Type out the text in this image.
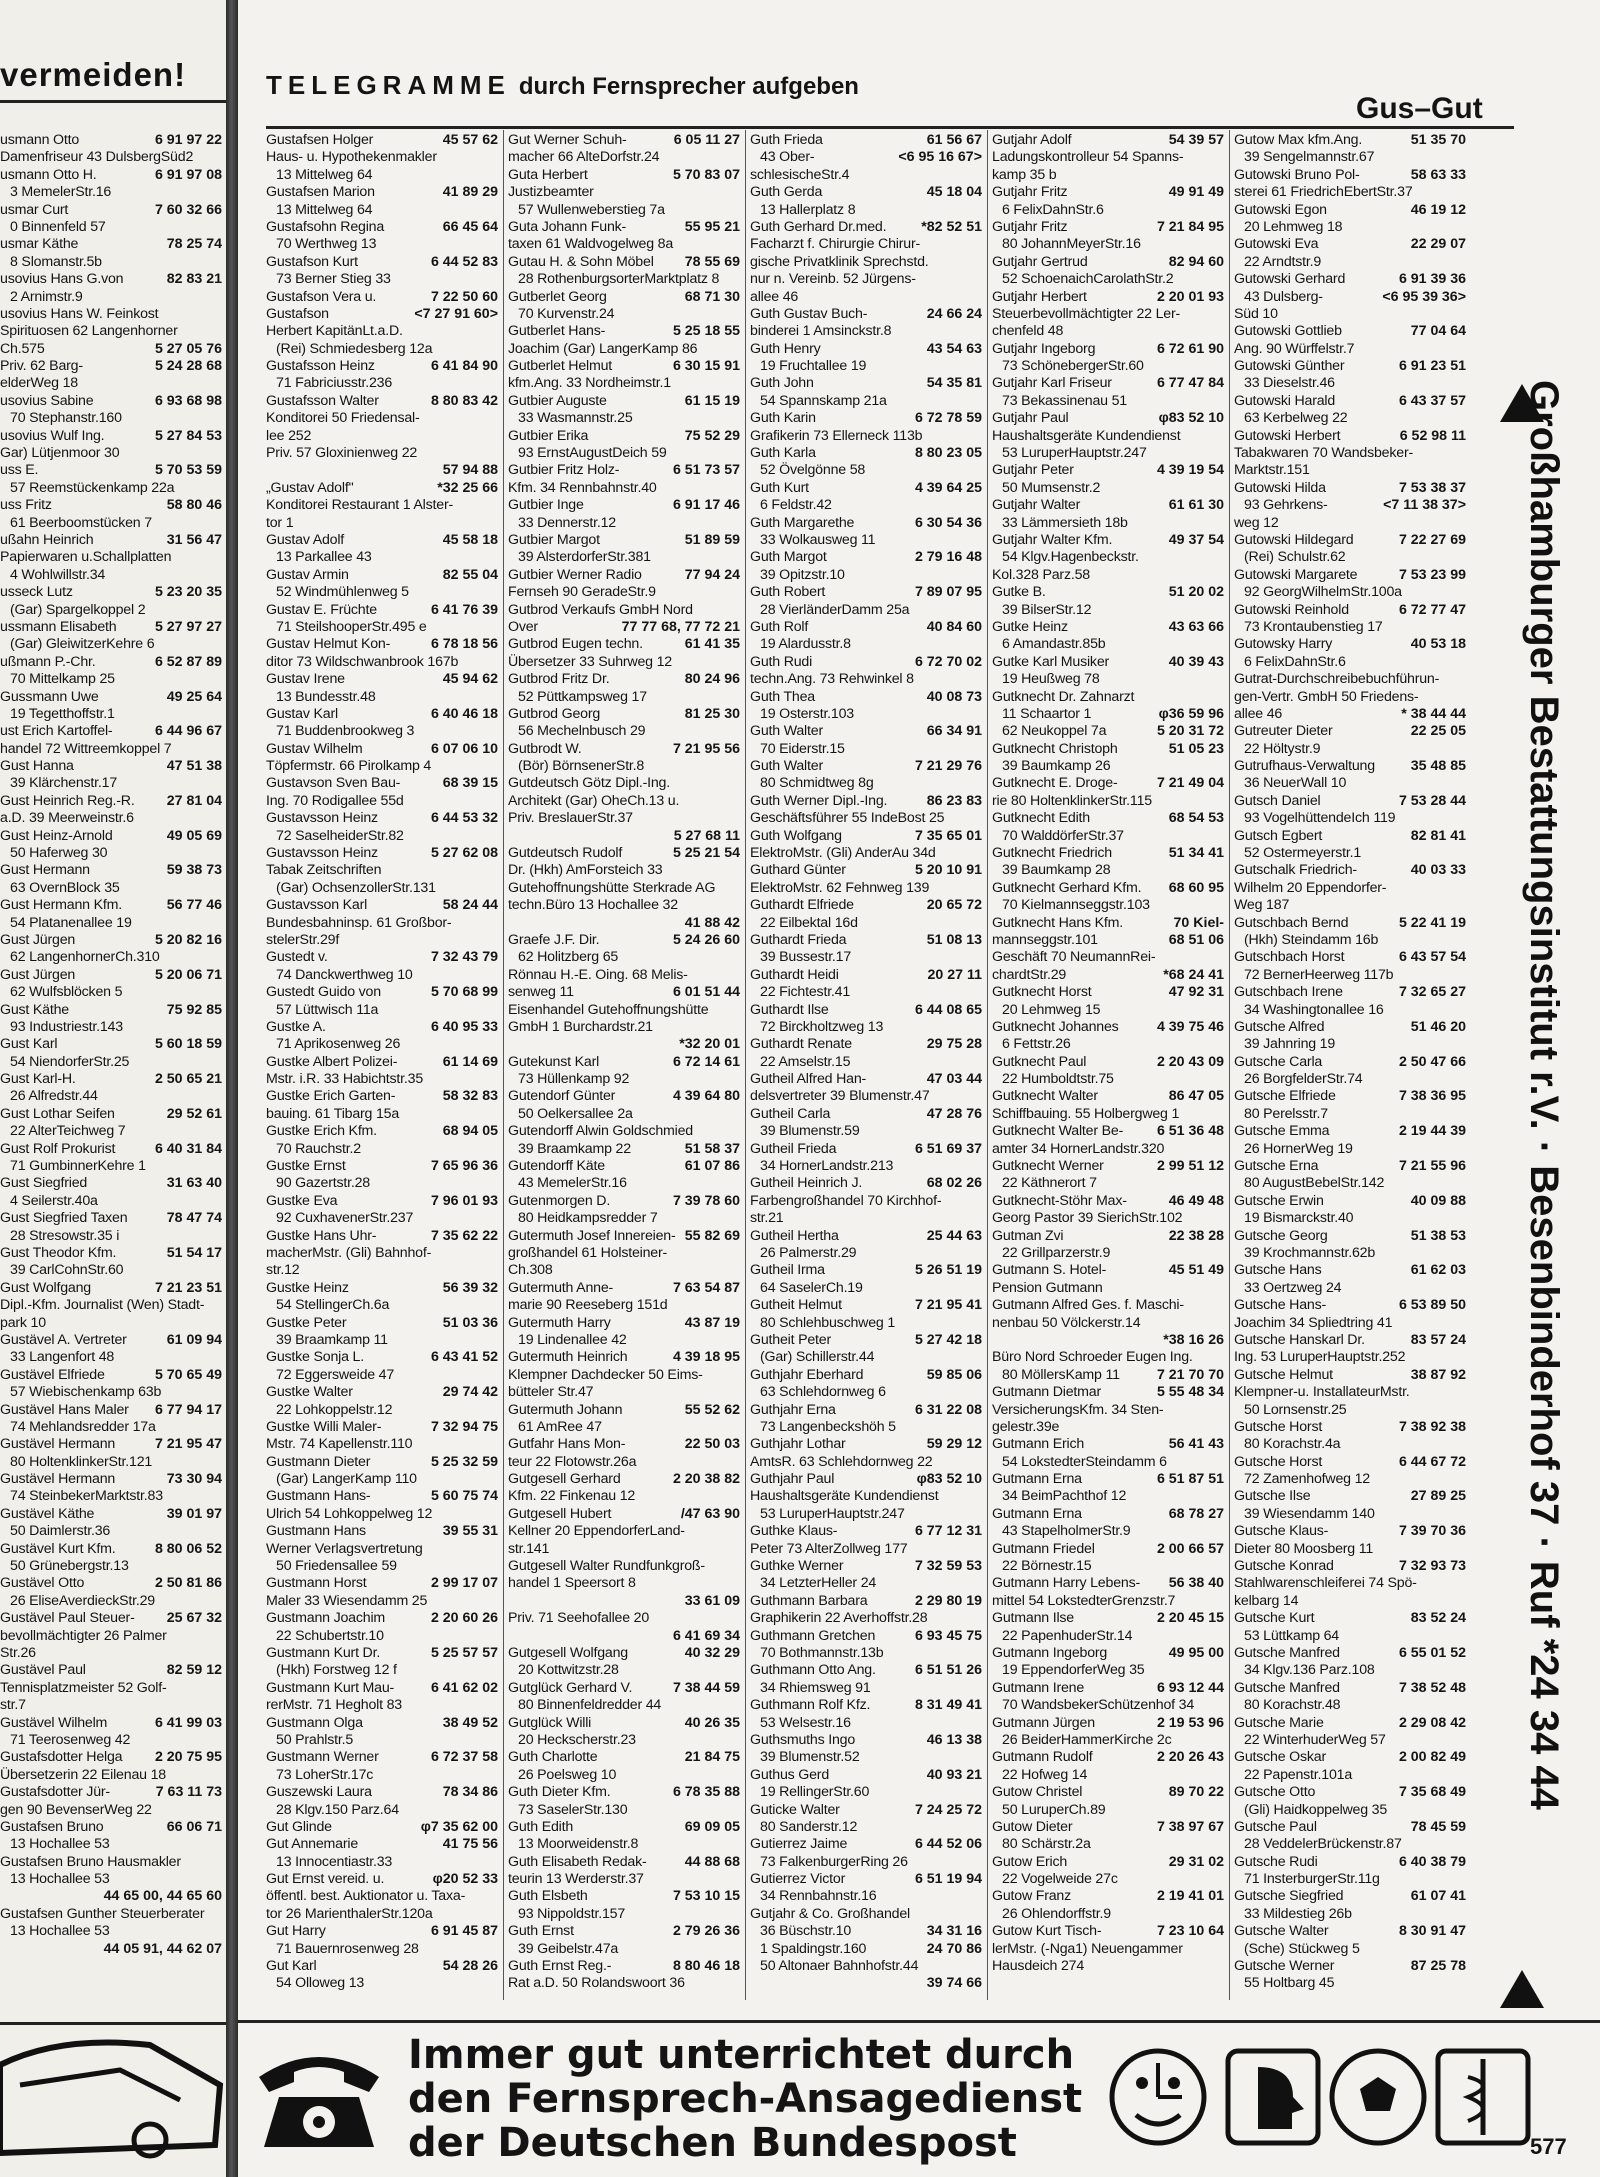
vermeiden!
usmann Otto	6 91 97 22
Damenfriseur 43 DulsbergSüd2
usmann Otto H.	6 91 97 08
3 MemelerStr.16
usmar Curt	7 60 32 66
0 Binnenfeld 57
usmar Käthe	78 25 74
8 Slomanstr.5b
usovius Hans G.von	82 83 21
2 Arnimstr.9
usovius Hans W. Feinkost
Spirituosen 62 Langenhorner
Ch.575	5 27 05 76
Priv. 62 Barg-	5 24 28 68
elderWeg 18
usovius Sabine	6 93 68 98
70 Stephanstr.160
usovius Wulf Ing.	5 27 84 53
Gar) Lütjenmoor 30
uss E.	5 70 53 59
57 Reemstückenkamp 22a
uss Fritz	58 80 46
61 Beerboomstücken 7
ußahn Heinrich	31 56 47
Papierwaren u.Schallplatten
4 Wohlwillstr.34
usseck Lutz	5 23 20 35
(Gar) Spargelkoppel 2
ussmann Elisabeth	5 27 97 27
(Gar) GleiwitzerKehre 6
ußmann P.-Chr.	6 52 87 89
70 Mittelkamp 25
Gussmann Uwe	49 25 64
19 Tegetthoffstr.1
ust Erich Kartoffel-	6 44 96 67
handel 72 Wittreemkoppel 7
Gust Hanna	47 51 38
39 Klärchenstr.17
Gust Heinrich Reg.-R.	27 81 04
a.D. 39 Meerweinstr.6
Gust Heinz-Arnold	49 05 69
50 Haferweg 30
Gust Hermann	59 38 73
63 OvernBlock 35
Gust Hermann Kfm.	56 77 46
54 Platanenallee 19
Gust Jürgen	5 20 82 16
62 LangenhornerCh.310
Gust Jürgen	5 20 06 71
62 Wulfsblöcken 5
Gust Käthe	75 92 85
93 Industriestr.143
Gust Karl	5 60 18 59
54 NiendorferStr.25
Gust Karl-H.	2 50 65 21
26 Alfredstr.44
Gust Lothar Seifen	29 52 61
22 AlterTeichweg 7
Gust Rolf Prokurist	6 40 31 84
71 GumbinnerKehre 1
Gust Siegfried	31 63 40
4 Seilerstr.40a
Gust Siegfried Taxen	78 47 74
28 Stresowstr.35 i
Gust Theodor Kfm.	51 54 17
39 CarlCohnStr.60
Gust Wolfgang	7 21 23 51
Dipl.-Kfm. Journalist (Wen) Stadt-
park 10
Gustävel A. Vertreter	61 09 94
33 Langenfort 48
Gustävel Elfriede	5 70 65 49
57 Wiebischenkamp 63b
Gustävel Hans Maler	6 77 94 17
74 Mehlandsredder 17a
Gustävel Hermann	7 21 95 47
80 HoltenklinkerStr.121
Gustävel Hermann	73 30 94
74 SteinbekerMarktstr.83
Gustävel Käthe	39 01 97
50 Daimlerstr.36
Gustävel Kurt Kfm.	8 80 06 52
50 Grünebergstr.13
Gustävel Otto	2 50 81 86
26 EliseAverdieckStr.29
Gustävel Paul Steuer-	25 67 32
bevollmächtigter 26 Palmer
Str.26
Gustävel Paul	82 59 12
Tennisplatzmeister 52 Golf-
str.7
Gustävel Wilhelm	6 41 99 03
71 Teerosenweg 42
Gustafsdotter Helga	2 20 75 95
Übersetzerin 22 Eilenau 18
Gustafsdotter Jür-	7 63 11 73
gen 90 BevenserWeg 22
Gustafsen Bruno	66 06 71
13 Hochallee 53
Gustafsen Bruno Hausmakler
13 Hochallee 53
44 65 00, 44 65 60
Gustafsen Gunther Steuerberater
13 Hochallee 53
44 05 91, 44 62 07
TELEGRAMME durch Fernsprecher aufgeben
Gus–Gut
Gustafsen Holger	45 57 62
Haus- u. Hypothekenmakler
13 Mittelweg 64
Gustafsen Marion	41 89 29
13 Mittelweg 64
Gustafsohn Regina	66 45 64
70 Werthweg 13
Gustafson Kurt	6 44 52 83
73 Berner Stieg 33
Gustafson Vera u.	7 22 50 60
Gustafson	<7 27 91 60>
Herbert KapitänLt.a.D.
(Rei) Schmiedesberg 12a
Gustafsson Heinz	6 41 84 90
71 Fabriciusstr.236
Gustafsson Walter	8 80 83 42
Konditorei 50 Friedensal-
lee 252
Priv. 57 Gloxinienweg 22
57 94 88
„Gustav Adolf"	*32 25 66
Konditorei Restaurant 1 Alster-
tor 1
Gustav Adolf	45 58 18
13 Parkallee 43
Gustav Armin	82 55 04
52 Windmühlenweg 5
Gustav E. Früchte	6 41 76 39
71 SteilshooperStr.495 e
Gustav Helmut Kon-	6 78 18 56
ditor 73 Wildschwanbrook 167b
Gustav Irene	45 94 62
13 Bundesstr.48
Gustav Karl	6 40 46 18
71 Buddenbrookweg 3
Gustav Wilhelm	6 07 06 10
Töpfermstr. 66 Pirolkamp 4
Gustavson Sven Bau-	68 39 15
Ing. 70 Rodigallee 55d
Gustavsson Heinz	6 44 53 32
72 SaselheiderStr.82
Gustavsson Heinz	5 27 62 08
Tabak Zeitschriften
(Gar) OchsenzollerStr.131
Gustavsson Karl	58 24 44
Bundesbahninsp. 61 Großbor-
stelerStr.29f
Gustedt v.	7 32 43 79
74 Danckwerthweg 10
Gustedt Guido von	5 70 68 99
57 Lüttwisch 11a
Gustke A.	6 40 95 33
71 Aprikosenweg 26
Gustke Albert Polizei-	61 14 69
Mstr. i.R. 33 Habichtstr.35
Gustke Erich Garten-	58 32 83
bauing. 61 Tibarg 15a
Gustke Erich Kfm.	68 94 05
70 Rauchstr.2
Gustke Ernst	7 65 96 36
90 Gazertstr.28
Gustke Eva	7 96 01 93
92 CuxhavenerStr.237
Gustke Hans Uhr-	7 35 62 22
macherMstr. (Gli) Bahnhof-
str.12
Gustke Heinz	56 39 32
54 StellingerCh.6a
Gustke Peter	51 03 36
39 Braamkamp 11
Gustke Sonja L.	6 43 41 52
72 Eggersweide 47
Gustke Walter	29 74 42
22 Lohkoppelstr.12
Gustke Willi Maler-	7 32 94 75
Mstr. 74 Kapellenstr.110
Gustmann Dieter	5 25 32 59
(Gar) LangerKamp 110
Gustmann Hans-	5 60 75 74
Ulrich 54 Lohkoppelweg 12
Gustmann Hans	39 55 31
Werner Verlagsvertretung
50 Friedensallee 59
Gustmann Horst	2 99 17 07
Maler 33 Wiesendamm 25
Gustmann Joachim	2 20 60 26
22 Schubertstr.10
Gustmann Kurt Dr.	5 25 57 57
(Hkh) Forstweg 12 f
Gustmann Kurt Mau-	6 41 62 02
rerMstr. 71 Hegholt 83
Gustmann Olga	38 49 52
50 Prahlstr.5
Gustmann Werner	6 72 37 58
73 LoherStr.17c
Guszewski Laura	78 34 86
28 Klgv.150 Parz.64
Gut Glinde	φ7 35 62 00
Gut Annemarie	41 75 56
13 Innocentiastr.33
Gut Ernst vereid. u.	φ20 52 33
öffentl. best. Auktionator u. Taxa-
tor 26 MarienthalerStr.120a
Gut Harry	6 91 45 87
71 Bauernrosenweg 28
Gut Karl	54 28 26
54 Olloweg 13
Gut Werner Schuh-	6 05 11 27
macher 66 AlteDorfstr.24
Guta Herbert	5 70 83 07
Justizbeamter
57 Wullenweberstieg 7a
Guta Johann Funk-	55 95 21
taxen 61 Waldvogelweg 8a
Gutau H. & Sohn Möbel	78 55 69
28 RothenburgsorterMarktplatz 8
Gutberlet Georg	68 71 30
70 Kurvenstr.24
Gutberlet Hans-	5 25 18 55
Joachim (Gar) LangerKamp 86
Gutberlet Helmut	6 30 15 91
kfm.Ang. 33 Nordheimstr.1
Gutbier Auguste	61 15 19
33 Wasmannstr.25
Gutbier Erika	75 52 29
93 ErnstAugustDeich 59
Gutbier Fritz Holz-	6 51 73 57
Kfm. 34 Rennbahnstr.40
Gutbier Inge	6 91 17 46
33 Dennerstr.12
Gutbier Margot	51 89 59
39 AlsterdorferStr.381
Gutbier Werner Radio	77 94 24
Fernseh 90 GeradeStr.9
Gutbrod Verkaufs GmbH Nord
Over	77 77 68, 77 72 21
Gutbrod Eugen techn.	61 41 35
Übersetzer 33 Suhrweg 12
Gutbrod Fritz Dr.	80 24 96
52 Püttkampsweg 17
Gutbrod Georg	81 25 30
56 Mechelnbusch 29
Gutbrodt W.	7 21 95 56
(Bör) BörnsenerStr.8
Gutdeutsch Götz Dipl.-Ing.
Architekt (Gar) OheCh.13 u.
Priv. BreslauerStr.37
5 27 68 11
Gutdeutsch Rudolf	5 25 21 54
Dr. (Hkh) AmForsteich 33
Gutehoffnungshütte Sterkrade AG
techn.Büro 13 Hochallee 32
41 88 42
Graefe J.F. Dir.	5 24 26 60
62 Holitzberg 65
Rönnau H.-E. Oing. 68 Melis-
senweg 11	6 01 51 44
Eisenhandel Gutehoffnungshütte
GmbH 1 Burchardstr.21
*32 20 01
Gutekunst Karl	6 72 14 61
73 Hüllenkamp 92
Gutendorf Günter	4 39 64 80
50 Oelkersallee 2a
Gutendorff Alwin Goldschmied
39 Braamkamp 22	51 58 37
Gutendorff Käte	61 07 86
43 MemelerStr.16
Gutenmorgen D.	7 39 78 60
80 Heidkampsredder 7
Gutermuth Josef Innereien- 55 82 69
großhandel 61 Holsteiner-
Ch.308
Gutermuth Anne-	7 63 54 87
marie 90 Reeseberg 151d
Gutermuth Harry	43 87 19
19 Lindenallee 42
Gutermuth Heinrich	4 39 18 95
Klempner Dachdecker 50 Eims-
bütteler Str.47
Gutermuth Johann	55 52 62
61 AmRee 47
Gutfahr Hans Mon-	22 50 03
teur 22 Flotowstr.26a
Gutgesell Gerhard	2 20 38 82
Kfm. 22 Finkenau 12
Gutgesell Hubert	/47 63 90
Kellner 20 EppendorferLand-
str.141
Gutgesell Walter Rundfunkgroß-
handel 1 Speersort 8
33 61 09
Priv. 71 Seehofallee 20
6 41 69 34
Gutgesell Wolfgang	40 32 29
20 Kottwitzstr.28
Gutglück Gerhard V.	7 38 44 59
80 Binnenfeldredder 44
Gutglück Willi	40 26 35
20 Heckscherstr.23
Guth Charlotte	21 84 75
26 Poelsweg 10
Guth Dieter Kfm.	6 78 35 88
73 SaselerStr.130
Guth Edith	69 09 05
13 Moorweidenstr.8
Guth Elisabeth Redak-	44 88 68
teurin 13 Werderstr.37
Guth Elsbeth	7 53 10 15
93 Nippoldstr.157
Guth Ernst	2 79 26 36
39 Geibelstr.47a
Guth Ernst Reg.-	8 80 46 18
Rat a.D. 50 Rolandswoort 36
Guth Frieda	61 56 67
43 Ober-	<6 95 16 67>
schlesischeStr.4
Guth Gerda	45 18 04
13 Hallerplatz 8
Guth Gerhard Dr.med.	*82 52 51
Facharzt f. Chirurgie Chirur-
gische Privatklinik Sprechstd.
nur n. Vereinb. 52 Jürgens-
allee 46
Guth Gustav Buch-	24 66 24
binderei 1 Amsinckstr.8
Guth Henry	43 54 63
19 Fruchtallee 19
Guth John	54 35 81
54 Spannskamp 21a
Guth Karin	6 72 78 59
Grafikerin 73 Ellerneck 113b
Guth Karla	8 80 23 05
52 Övelgönne 58
Guth Kurt	4 39 64 25
6 Feldstr.42
Guth Margarethe	6 30 54 36
33 Wolkausweg 11
Guth Margot	2 79 16 48
39 Opitzstr.10
Guth Robert	7 89 07 95
28 VierländerDamm 25a
Guth Rolf	40 84 60
19 Alardusstr.8
Guth Rudi	6 72 70 02
techn.Ang. 73 Rehwinkel 8
Guth Thea	40 08 73
19 Osterstr.103
Guth Walter	66 34 91
70 Eiderstr.15
Guth Walter	7 21 29 76
80 Schmidtweg 8g
Guth Werner Dipl.-Ing.	86 23 83
Geschäftsführer 55 IndeBost 25
Guth Wolfgang	7 35 65 01
ElektroMstr. (Gli) AnderAu 34d
Guthard Günter	5 20 10 91
ElektroMstr. 62 Fehnweg 139
Guthardt Elfriede	20 65 72
22 Eilbektal 16d
Guthardt Frieda	51 08 13
39 Bussestr.17
Guthardt Heidi	20 27 11
22 Fichtestr.41
Guthardt Ilse	6 44 08 65
72 Birckholtzweg 13
Guthardt Renate	29 75 28
22 Amselstr.15
Gutheil Alfred Han-	47 03 44
delsvertreter 39 Blumenstr.47
Gutheil Carla	47 28 76
39 Blumenstr.59
Gutheil Frieda	6 51 69 37
34 HornerLandstr.213
Gutheil Heinrich J.	68 02 26
Farbengroßhandel 70 Kirchhof-
str.21
Gutheil Hertha	25 44 63
26 Palmerstr.29
Gutheil Irma	5 26 51 19
64 SaselerCh.19
Gutheit Helmut	7 21 95 41
80 Schlehbuschweg 1
Gutheit Peter	5 27 42 18
(Gar) Schillerstr.44
Guthjahr Eberhard	59 85 06
63 Schlehdornweg 6
Guthjahr Erna	6 31 22 08
73 Langenbeckshöh 5
Guthjahr Lothar	59 29 12
AmtsR. 63 Schlehdornweg 22
Guthjahr Paul	φ83 52 10
Haushaltsgeräte Kundendienst
53 LuruperHauptstr.247
Guthke Klaus-	6 77 12 31
Peter 73 AlterZollweg 177
Guthke Werner	7 32 59 53
34 LetzterHeller 24
Guthmann Barbara	2 29 80 19
Graphikerin 22 Averhoffstr.28
Guthmann Gretchen	6 93 45 75
70 Bothmannstr.13b
Guthmann Otto Ang.	6 51 51 26
34 Rhiemsweg 91
Guthmann Rolf Kfz.	8 31 49 41
53 Welsestr.16
Guthsmuths Ingo	46 13 38
39 Blumenstr.52
Guthus Gerd	40 93 21
19 RellingerStr.60
Guticke Walter	7 24 25 72
80 Sanderstr.12
Gutierrez Jaime	6 44 52 06
73 FalkenburgerRing 26
Gutierrez Victor	6 51 19 94
34 Rennbahnstr.16
Gutjahr & Co. Großhandel
36 Büschstr.10	34 31 16
1 Spaldingstr.160	24 70 86
50 Altonaer Bahnhofstr.44
39 74 66
Gutjahr Adolf	54 39 57
Ladungskontrolleur 54 Spanns-
kamp 35 b
Gutjahr Fritz	49 91 49
6 FelixDahnStr.6
Gutjahr Fritz	7 21 84 95
80 JohannMeyerStr.16
Gutjahr Gertrud	82 94 60
52 SchoenaichCarolathStr.2
Gutjahr Herbert	2 20 01 93
Steuerbevollmächtigter 22 Ler-
chenfeld 48
Gutjahr Ingeborg	6 72 61 90
73 SchönebergerStr.60
Gutjahr Karl Friseur	6 77 47 84
73 Bekassinenau 51
Gutjahr Paul	φ83 52 10
Haushaltsgeräte Kundendienst
53 LuruperHauptstr.247
Gutjahr Peter	4 39 19 54
50 Mumsenstr.2
Gutjahr Walter	61 61 30
33 Lämmersieth 18b
Gutjahr Walter Kfm.	49 37 54
54 Klgv.Hagenbeckstr.
Kol.328 Parz.58
Gutke B.	51 20 02
39 BilserStr.12
Gutke Heinz	43 63 66
6 Amandastr.85b
Gutke Karl Musiker	40 39 43
19 Heußweg 78
Gutknecht Dr. Zahnarzt
11 Schaartor 1	φ36 59 96
62 Neukoppel 7a	5 20 31 72
Gutknecht Christoph	51 05 23
39 Baumkamp 26
Gutknecht E. Droge-	7 21 49 04
rie 80 HoltenklinkerStr.115
Gutknecht Edith	68 54 53
70 WalddörferStr.37
Gutknecht Friedrich	51 34 41
39 Baumkamp 28
Gutknecht Gerhard Kfm.	68 60 95
70 Kielmannseggstr.103
Gutknecht Hans Kfm.	70 Kiel-
mannseggstr.101	68 51 06
Geschäft 70 NeumannRei-
chardtStr.29	*68 24 41
Gutknecht Horst	47 92 31
20 Lehmweg 15
Gutknecht Johannes	4 39 75 46
6 Fettstr.26
Gutknecht Paul	2 20 43 09
22 Humboldtstr.75
Gutknecht Walter	86 47 05
Schiffbauing. 55 Holbergweg 1
Gutknecht Walter Be-	6 51 36 48
amter 34 HornerLandstr.320
Gutknecht Werner	2 99 51 12
22 Käthnerort 7
Gutknecht-Stöhr Max-	46 49 48
Georg Pastor 39 SierichStr.102
Gutman Zvi	22 38 28
22 Grillparzerstr.9
Gutmann S. Hotel-	45 51 49
Pension Gutmann
Gutmann Alfred Ges. f. Maschi-
nenbau 50 Völckerstr.14
*38 16 26
Büro Nord Schroeder Eugen Ing.
80 MöllersKamp 11	7 21 70 70
Gutmann Dietmar	5 55 48 34
VersicherungsKfm. 34 Sten-
gelestr.39e
Gutmann Erich	56 41 43
54 LokstedterSteindamm 6
Gutmann Erna	6 51 87 51
34 BeimPachthof 12
Gutmann Erna	68 78 27
43 StapelholmerStr.9
Gutmann Friedel	2 00 66 57
22 Börnestr.15
Gutmann Harry Lebens-	56 38 40
mittel 54 LokstedterGrenzstr.7
Gutmann Ilse	2 20 45 15
22 PapenhuderStr.14
Gutmann Ingeborg	49 95 00
19 EppendorferWeg 35
Gutmann Irene	6 93 12 44
70 WandsbekerSchützenhof 34
Gutmann Jürgen	2 19 53 96
26 BeiderHammerKirche 2c
Gutmann Rudolf	2 20 26 43
22 Hofweg 14
Gutow Christel	89 70 22
50 LuruperCh.89
Gutow Dieter	7 38 97 67
80 Schärstr.2a
Gutow Erich	29 31 02
22 Vogelweide 27c
Gutow Franz	2 19 41 01
26 Ohlendorffstr.9
Gutow Kurt Tisch-	7 23 10 64
lerMstr. (-Nga1) Neuengammer
Hausdeich 274
Gutow Max kfm.Ang.	51 35 70
39 Sengelmannstr.67
Gutowski Bruno Pol-	58 63 33
sterei 61 FriedrichEbertStr.37
Gutowski Egon	46 19 12
20 Lehmweg 18
Gutowski Eva	22 29 07
22 Arndtstr.9
Gutowski Gerhard	6 91 39 36
43 Dulsberg-	<6 95 39 36>
Süd 10
Gutowski Gottlieb	77 04 64
Ang. 90 Würffelstr.7
Gutowski Günther	6 91 23 51
33 Dieselstr.46
Gutowski Harald	6 43 37 57
63 Kerbelweg 22
Gutowski Herbert	6 52 98 11
Tabakwaren 70 Wandsbeker-
Marktstr.151
Gutowski Hilda	7 53 38 37
93 Gehrkens-	<7 11 38 37>
weg 12
Gutowski Hildegard	7 22 27 69
(Rei) Schulstr.62
Gutowski Margarete	7 53 23 99
92 GeorgWilhelmStr.100a
Gutowski Reinhold	6 72 77 47
73 Krontaubenstieg 17
Gutowsky Harry	40 53 18
6 FelixDahnStr.6
Gutrat-Durchschreibebuchführun-
gen-Vertr. GmbH 50 Friedens-
allee 46	* 38 44 44
Gutreuter Dieter	22 25 05
22 Höltystr.9
Gutrufhaus-Verwaltung	35 48 85
36 NeuerWall 10
Gutsch Daniel	7 53 28 44
93 VogelhüttendeIch 119
Gutsch Egbert	82 81 41
52 Ostermeyerstr.1
Gutschalk Friedrich-	40 03 33
Wilhelm 20 Eppendorfer-
Weg 187
Gutschbach Bernd	5 22 41 19
(Hkh) Steindamm 16b
Gutschbach Horst	6 43 57 54
72 BernerHeerweg 117b
Gutschbach Irene	7 32 65 27
34 Washingtonallee 16
Gutsche Alfred	51 46 20
39 Jahnring 19
Gutsche Carla	2 50 47 66
26 BorgfelderStr.74
Gutsche Elfriede	7 38 36 95
80 Perelsstr.7
Gutsche Emma	2 19 44 39
26 HornerWeg 19
Gutsche Erna	7 21 55 96
80 AugustBebelStr.142
Gutsche Erwin	40 09 88
19 Bismarckstr.40
Gutsche Georg	51 38 53
39 Krochmannstr.62b
Gutsche Hans	61 62 03
33 Oertzweg 24
Gutsche Hans-	6 53 89 50
Joachim 34 Spliedtring 41
Gutsche Hanskarl Dr.	83 57 24
Ing. 53 LuruperHauptstr.252
Gutsche Helmut	38 87 92
Klempner-u. InstallateurMstr.
50 Lornsenstr.25
Gutsche Horst	7 38 92 38
80 Korachstr.4a
Gutsche Horst	6 44 67 72
72 Zamenhofweg 12
Gutsche Ilse	27 89 25
39 Wiesendamm 140
Gutsche Klaus-	7 39 70 36
Dieter 80 Moosberg 11
Gutsche Konrad	7 32 93 73
Stahlwarenschleiferei 74 Spö-
kelbarg 14
Gutsche Kurt	83 52 24
53 Lüttkamp 64
Gutsche Manfred	6 55 01 52
34 Klgv.136 Parz.108
Gutsche Manfred	7 38 52 48
80 Korachstr.48
Gutsche Marie	2 29 08 42
22 WinterhuderWeg 57
Gutsche Oskar	2 00 82 49
22 Papenstr.101a
Gutsche Otto	7 35 68 49
(Gli) Haidkoppelweg 35
Gutsche Paul	78 45 59
28 VeddelerBrückenstr.87
Gutsche Rudi	6 40 38 79
71 InsterburgerStr.11g
Gutsche Siegfried	61 07 41
33 Mildestieg 26b
Gutsche Walter	8 30 91 47
(Sche) Stückweg 5
Gutsche Werner	87 25 78
55 Holtbarg 45
Großhamburger Bestattungsinstitut r.V. · Besenbinderhof 37 · Ruf *24 34 44
Immer gut unterrichtet durch
den Fernsprech-Ansagedienst
der Deutschen Bundespost	577
